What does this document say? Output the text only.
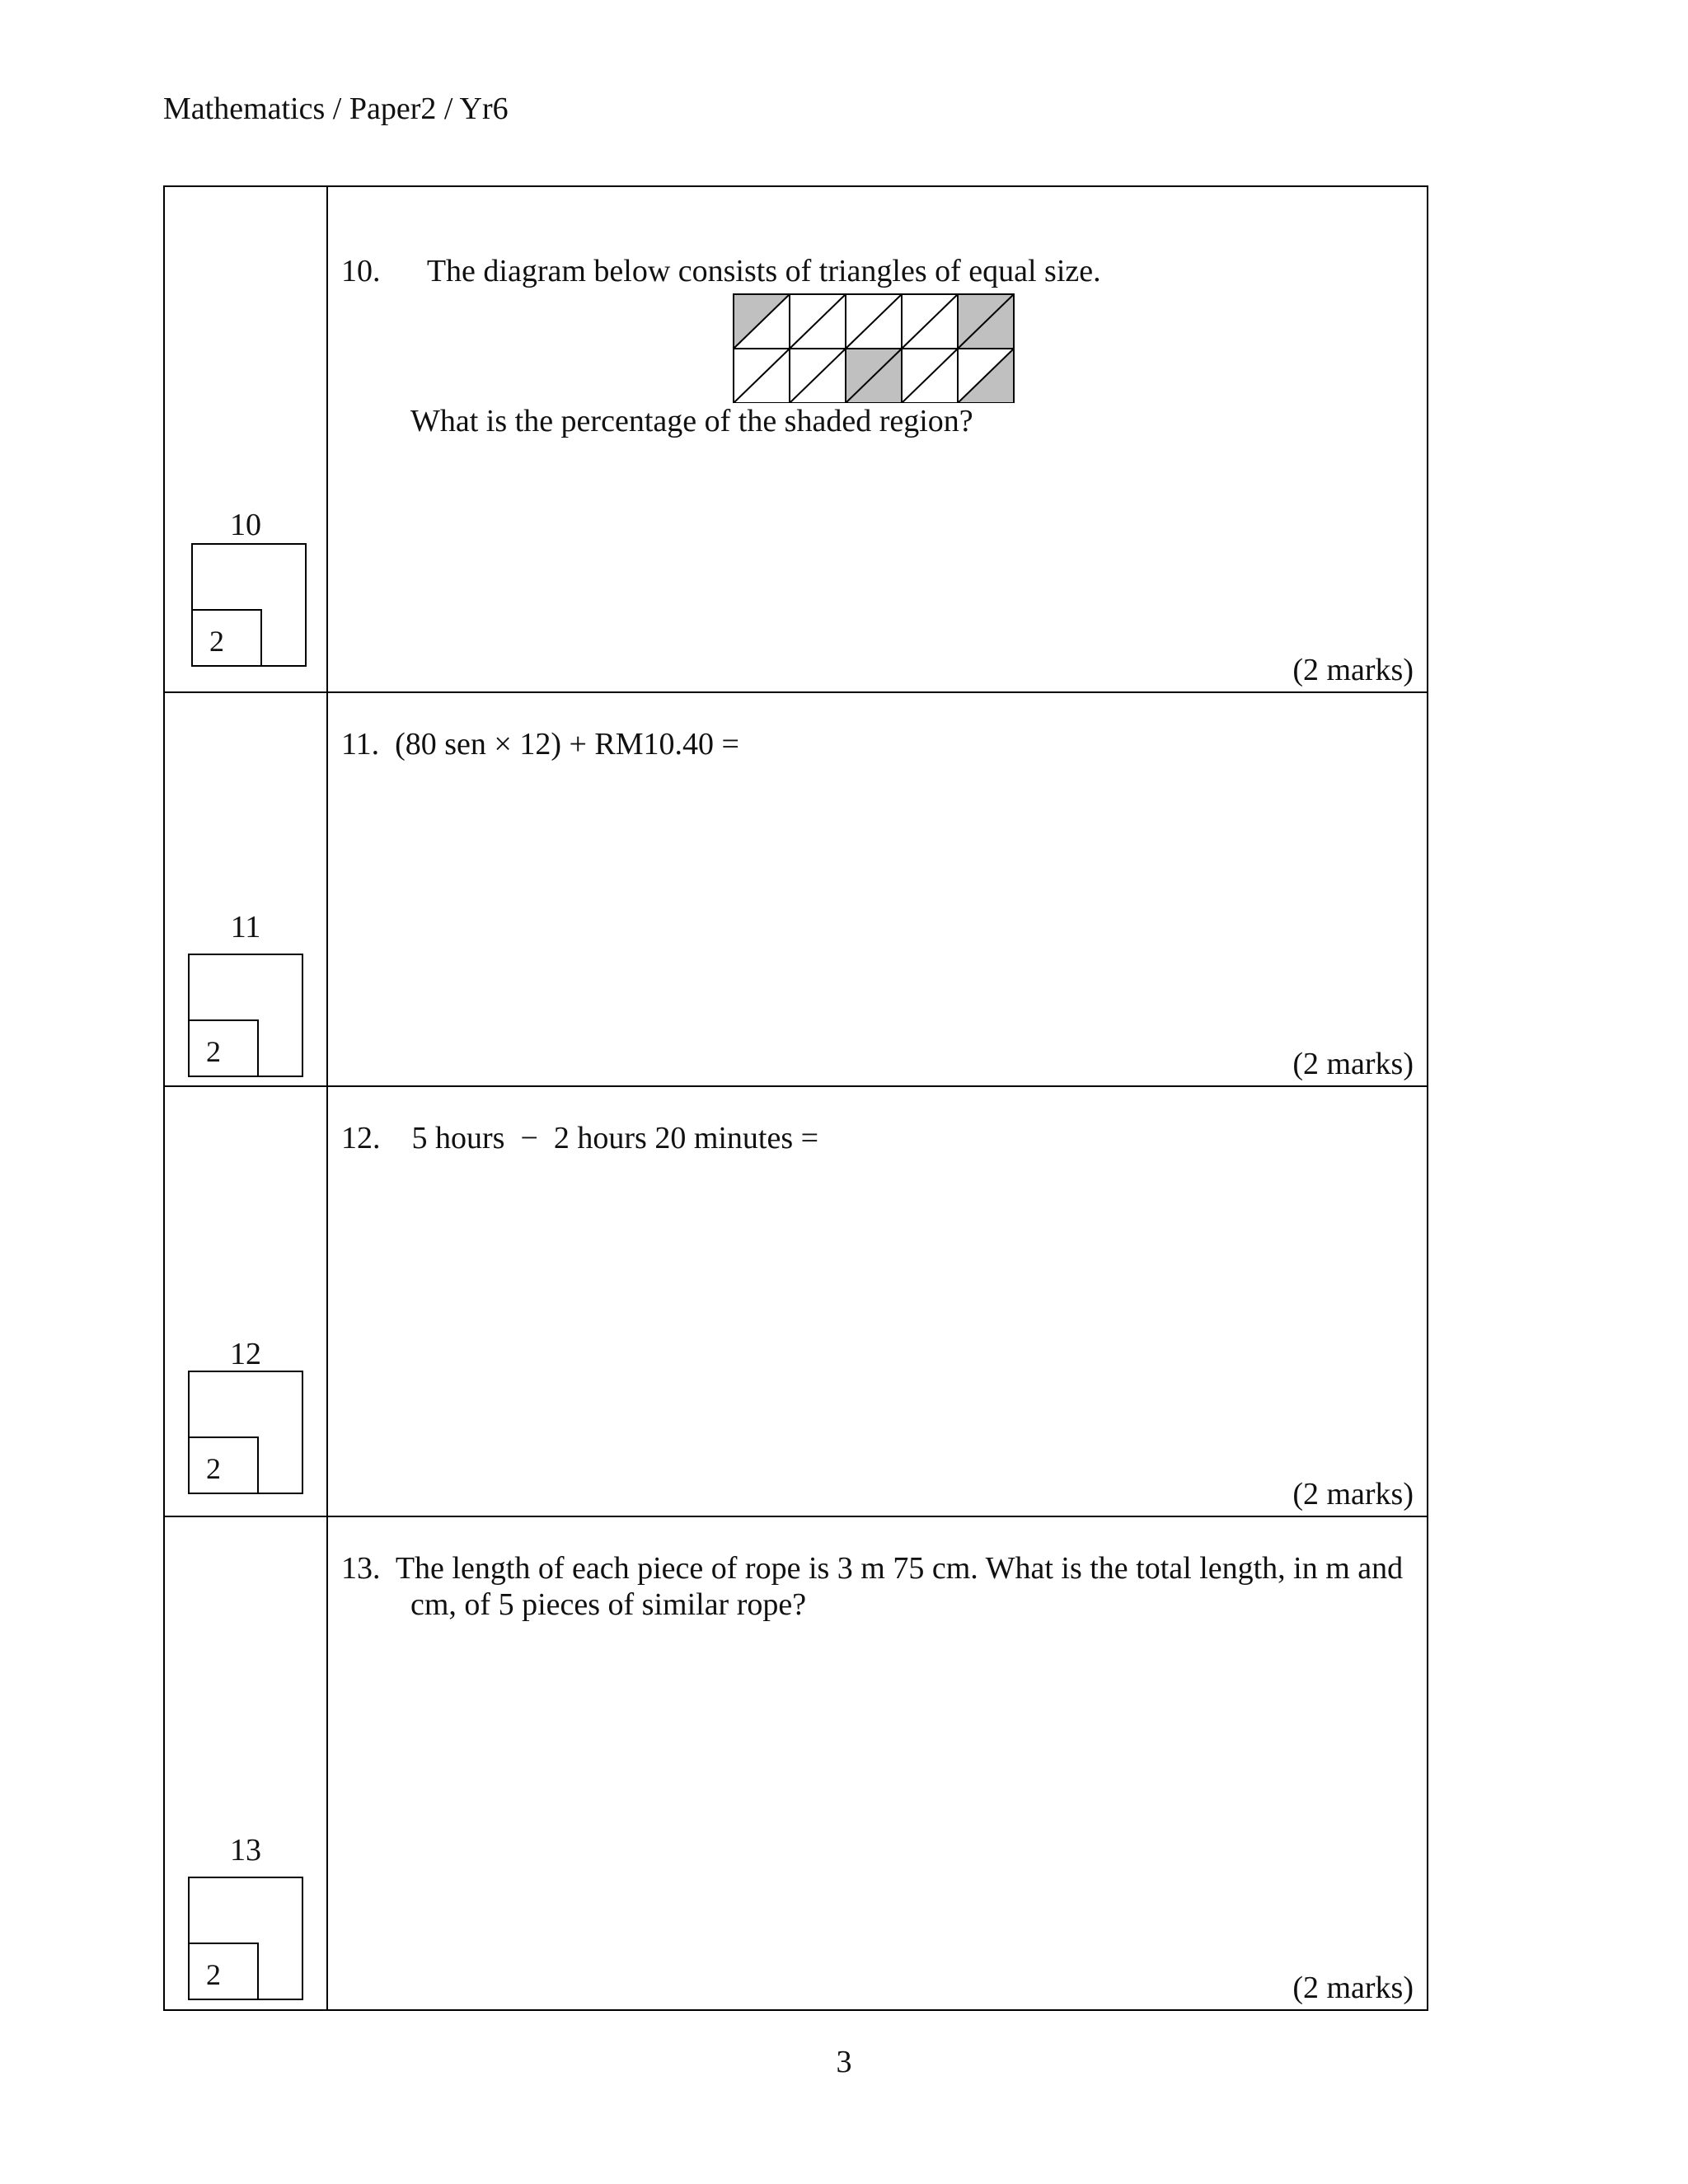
Mathematics / Paper2 / Yr6
10
2
10.      The diagram below consists of triangles of equal size.
What is the percentage of the shaded region?
(2 marks)
11
2
11.  (80 sen × 12) + RM10.40 =
(2 marks)
12
2
12.    5 hours  −  2 hours 20 minutes =
(2 marks)
13
2
13.  The length of each piece of rope is 3 m 75 cm. What is the total length, in m and
cm, of 5 pieces of similar rope?
(2 marks)
3
